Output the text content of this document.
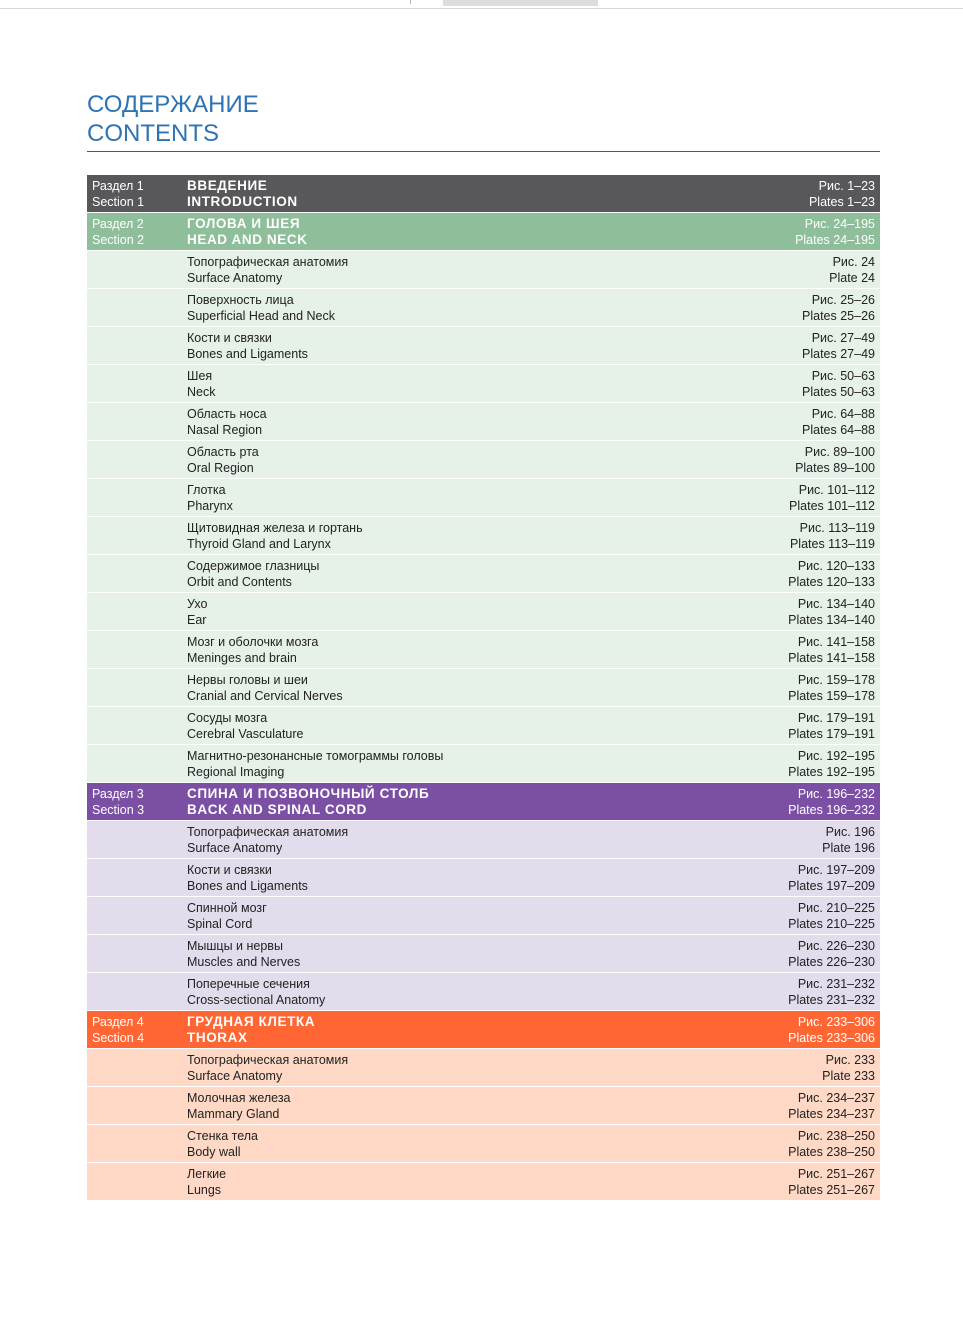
СОДЕРЖАНИЕ
CONTENTS
Раздел 1
Section 1
ВВЕДЕНИЕ
INTRODUCTION
Рис. 1–23
Plates 1–23
Раздел 2
Section 2
ГОЛОВА И ШЕЯ
HEAD AND NECK
Рис. 24–195
Plates 24–195
Топографическая анатомия
Surface Anatomy
Рис. 24
Plate 24
Поверхность лица
Superficial Head and Neck
Рис. 25–26
Plates 25–26
Кости и связки
Bones and Ligaments
Рис. 27–49
Plates 27–49
Шея
Neck
Рис. 50–63
Plates 50–63
Область носа
Nasal Region
Рис. 64–88
Plates 64–88
Область рта
Oral Region
Рис. 89–100
Plates 89–100
Глотка
Pharynx
Рис. 101–112
Plates 101–112
Щитовидная железа и гортань
Thyroid Gland and Larynx
Рис. 113–119
Plates 113–119
Содержимое глазницы
Orbit and Contents
Рис. 120–133
Plates 120–133
Ухо
Ear
Рис. 134–140
Plates 134–140
Мозг и оболочки мозга
Meninges and brain
Рис. 141–158
Plates 141–158
Нервы головы и шеи
Cranial and Cervical Nerves
Рис. 159–178
Plates 159–178
Сосуды мозга
Cerebral Vasculature
Рис. 179–191
Plates 179–191
Магнитно-резонансные томограммы головы
Regional Imaging
Рис. 192–195
Plates 192–195
Раздел 3
Section 3
СПИНА И ПОЗВОНОЧНЫЙ СТОЛБ
BACK AND SPINAL CORD
Рис. 196–232
Plates 196–232
Топографическая анатомия
Surface Anatomy
Рис. 196
Plate 196
Кости и связки
Bones and Ligaments
Рис. 197–209
Plates 197–209
Спинной мозг
Spinal Cord
Рис. 210–225
Plates 210–225
Мышцы и нервы
Muscles and Nerves
Рис. 226–230
Plates 226–230
Поперечные сечения
Cross-sectional Anatomy
Рис. 231–232
Plates 231–232
Раздел 4
Section 4
ГРУДНАЯ КЛЕТКА
THORAX
Рис. 233–306
Plates 233–306
Топографическая анатомия
Surface Anatomy
Рис. 233
Plate 233
Молочная железа
Mammary Gland
Рис. 234–237
Plates 234–237
Стенка тела
Body wall
Рис. 238–250
Plates 238–250
Легкие
Lungs
Рис. 251–267
Plates 251–267
